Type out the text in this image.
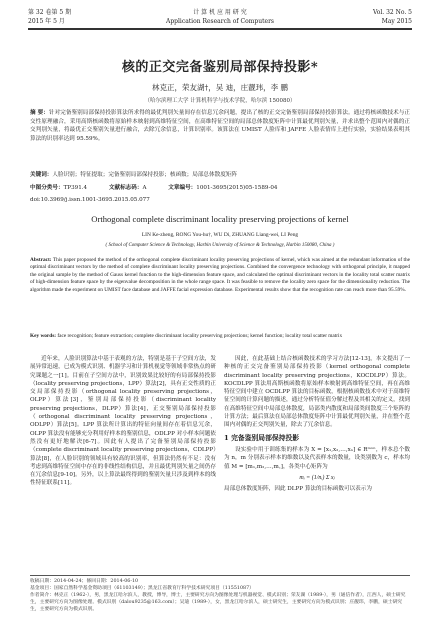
第 32 卷第 5 期
2015 年 5 月
计 算 机 应 用 研 究
Application Research of Computers
Vol. 32 No. 5
May 2015
核的正交完备鉴别局部保持投影*
林克正，荣友湖†，吴 迪，庄靓玮，李 鹏
（哈尔滨理工大学 计算机科学与技术学院，哈尔滨 150080）
摘 要：针对完备鉴别局部保持投影算法所求得的最优判别矢量间存在信息冗余问题，提出了核的正交完备鉴别局部保持投影算法。通过将核函数技术与正交性原理融合，采用高斯核函数将原始样本映射到高维特征空间，在高维特征空间的局部总体散度矩阵中计算最优判别矢量，并求出整个范围内对偶的正交判别矢量，将最优正交鉴别矢量进行融合，去除冗余信息，计算识别率。该算法在 UMIST 人脸库和 JAFFE 人脸表情库上进行实验，实验结果表明其算法的识别率达到 95.59%。
关键词：人脸识别；特征提取；完备鉴别局部保持投影；核函数；局部总体散度矩阵
中图分类号：TP391.4	文献标志码：A	文章编号：1001-3695(2015)05-1589-04
doi:10.3969/j.issn.1001-3695.2015.05.077
Orthogonal complete discriminant locality preserving projections of kernel
LIN Ke-zheng, RONG You-hu†, WU Di, ZHUANG Liang-wei, LI Peng
( School of Computer Science & Technology, Harbin University of Science & Technology, Harbin 150080, China )
Abstract: This paper proposed the method of the orthogonal complete discriminant locality preserving projections of kernel, which was aimed at the redundant information of the optimal discriminant vectors by the method of complete discriminant locality preserving projections. Combined the convergence technology with orthogonal principle, it mapped the original sample by the method of Gauss kernel function to the high-dimension feature space, and calculated the optimal discriminant vectors in the locality total scatter matrix of high-dimension feature space by the eigenvalue decomposition in the whole range space. It was feasible to remove the locality zero space for the dimensionality reduction. The algorithm made the experiment on UMIST face database and JAFFE facial expression database. Experimental results show that the recognition rate can reach more than 95.59%.
Key words: face recognition; feature extraction; complete discriminant locality preserving projections; kernel function; locality total scatter matrix

近年来，人脸识别算法中基于表观的方法，特别是基于子空间方法，发展异常迅速，已成为模式识别、机器学习和计算机视觉等领域非常热点的研究课题之一[1]。目前在子空间方法中，识别效果比较好的有局部保持投影（locality preserving projections，LPP）算法[2]，具有正交性质的正交局部保持投影（orthogonal locality preserving projections，OLPP）算法[3]，鉴别局部保持投影（discriminant locality preserving projections，DLPP）算法[4]，正交鉴别局部保持投影（orthogonal discriminant locality preserving projections，ODLPP）算法[5]。LPP 算法所计算出的特征向量间存在着信息冗余，OLPP 算法没有能够充分利用好样本的鉴别信息，ODLPP 对小样本问题依然没有更好地解决[6-7]。因此有人提出了完备鉴别局部保持投影（complete discriminant locality preserving projections，CDLPP）算法[8]，在人脸识别的领域具有较高的识别率，但算法仍然有不足：没有考虑到高维特征空间中存在的非线性结构信息，并且最优判别矢量之间仍存在冗余信息[9-10]。另外，以上算法最终得到的鉴别矢量只涉及到样本的线性特征联系[11]。

因此，在此基础上结合核函数技术的学习方法[12-13]，本文提出了一种核的正交完备鉴别局部保持投影（kernel orthogonal complete discriminant locality preserving projections，KOCDLPP）算法。KOCDLPP 算法用高斯核函数将原始样本映射到高维特征空间，再在高维特征空间中建立 OCDLPP 算法的目标函数，根据核函数技术中对于高维特征空间的计算问题的描述，通过分析特征值分解过程及其相关的定义，找到在高维特征空间中局部总体散度，局部类内散度和局部类间散度三个矩阵的计算方法；最后算法在局部总体散度矩阵中计算最优判别矢量，并在整个范围内对偶的正交判别矢量，除去了冗余信息。

1 完备鉴别局部保持投影

设实验中用于训练集的样本为 X = [x₁,x₂,…,xₙ] ∈ Rᵐˣⁿ，样本总个数为 n，m 分别表示样本的维数以及代表样本的数量，设类别数为 c，样本均值 M = [m₁,m₂,…,m꜀]，各类中心矩阵为

mᵢ = (1/nᵢ) Σ xⱼ

局部总体散度矩阵，因此 DLPP 算法的目标函数可以表示为

收稿日期：2014-04-24；修回日期：2014-06-10
基金项目：国家自然科学基金资助项目（61103149）；黑龙江省教育厅科学技术研究项目（11551087）
作者简介：林克正（1962-），男，黑龙江哈尔滨人，教授，博导，博士，主要研究方向为图像处理与机器视觉、模式识别；荣友湖（1989-），男（通信作者），江西人，硕士研究生，主要研究方向为图像处理、模式识别（dalou9235@163.com）；吴迪（1989-），女，黑龙江哈尔滨人，硕士研究生，主要研究方向为模式识别；庄靓玮，李鹏，硕士研究生，主要研究方向为模式识别。
